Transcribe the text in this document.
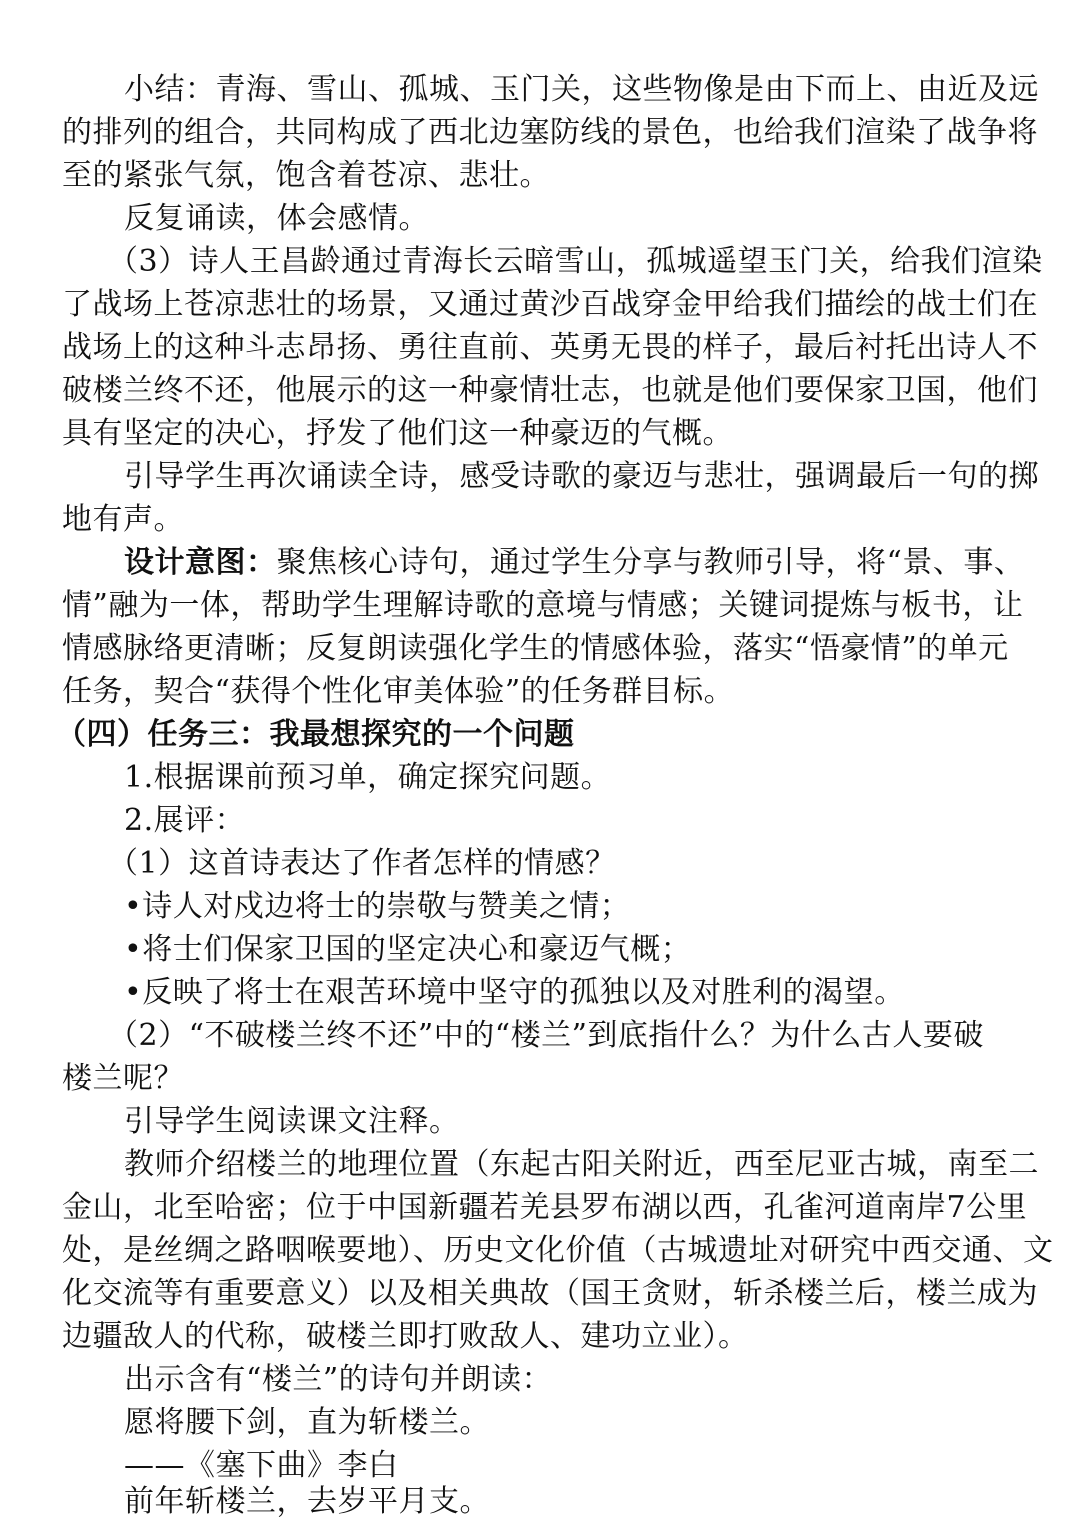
小结：青海、雪山、孤城、玉门关，这些物像是由下而上、由近及远
的排列的组合，共同构成了西北边塞防线的景色，也给我们渲染了战争将
至的紧张气氛，饱含着苍凉、悲壮。
反复诵读，体会感情。
（3）诗人王昌龄通过青海长云暗雪山，孤城遥望玉门关，给我们渲染
了战场上苍凉悲壮的场景，又通过黄沙百战穿金甲给我们描绘的战士们在
战场上的这种斗志昂扬、勇往直前、英勇无畏的样子，最后衬托出诗人不
破楼兰终不还，他展示的这一种豪情壮志，也就是他们要保家卫国，他们
具有坚定的决心，抒发了他们这一种豪迈的气概。
引导学生再次诵读全诗，感受诗歌的豪迈与悲壮，强调最后一句的掷
地有声。
设计意图：聚焦核心诗句，通过学生分享与教师引导，将“景、事、
情”融为一体，帮助学生理解诗歌的意境与情感；关键词提炼与板书，让
情感脉络更清晰；反复朗读强化学生的情感体验，落实“悟豪情”的单元
任务，契合“获得个性化审美体验”的任务群目标。
（四）任务三：我最想探究的一个问题
1.根据课前预习单，确定探究问题。
2.展评：
（1）这首诗表达了作者怎样的情感？
•诗人对戍边将士的崇敬与赞美之情；
•将士们保家卫国的坚定决心和豪迈气概；
•反映了将士在艰苦环境中坚守的孤独以及对胜利的渴望。
（2）“不破楼兰终不还”中的“楼兰”到底指什么？为什么古人要破
楼兰呢？
引导学生阅读课文注释。
教师介绍楼兰的地理位置（东起古阳关附近，西至尼亚古城，南至二
金山，北至哈密；位于中国新疆若羌县罗布湖以西，孔雀河道南岸7公里
处，是丝绸之路咽喉要地）、历史文化价值（古城遗址对研究中西交通、文
化交流等有重要意义）以及相关典故（国王贪财，斩杀楼兰后，楼兰成为
边疆敌人的代称，破楼兰即打败敌人、建功立业）。
出示含有“楼兰”的诗句并朗读：
愿将腰下剑，直为斩楼兰。
——《塞下曲》李白
前年斩楼兰，去岁平月支。
